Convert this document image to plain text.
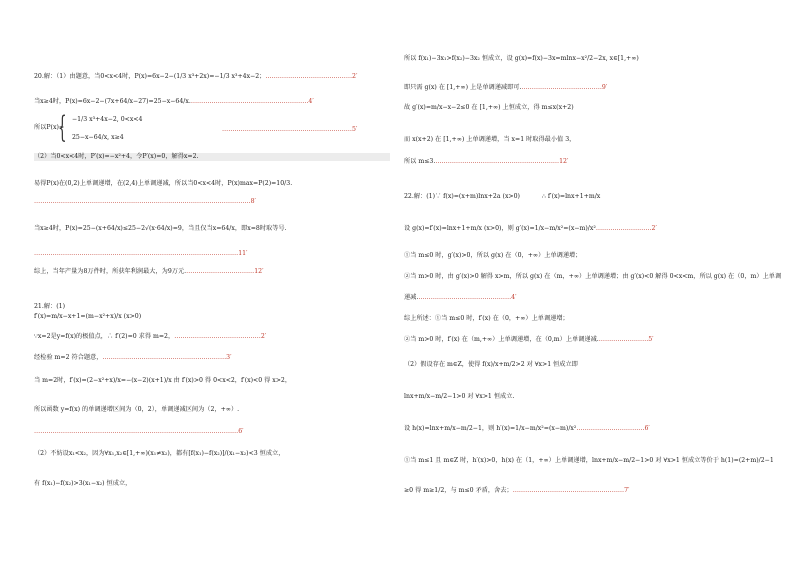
20.解：（1）由题意，当0<x<4时，P(x)=6x−2−(1/3 x³+2x)=−1/3 x³+4x−2；……………………………………2′
当x≥4时，P(x)=6x−2−(7x+64/x−27)=25−x−64/x.…………………………………………………4′
所以P(x)=
{ −1/3 x³+4x−2, 0<x<4
25−x−64/x, x≥4
………………………………………………………5′
（2）当0<x<4时，P′(x)=−x²+4，令P′(x)=0，解得x=2.
易得P(x)在(0,2)上单调递增，在(2,4)上单调递减，所以当0<x<4时，P(x)max=P(2)=10/3.
……………………………………………………………………………………………8′
当x≥4时，P(x)=25−(x+64/x)≤25−2√(x·64/x)=9，当且仅当x=64/x，即x=8时取等号.
………………………………………………………………………………………11′
综上，当年产量为8万件时，所获年利润最大，为9万元.……………………………12′
21.解：(1)
f′(x)=m/x−x+1=(m−x²+x)/x (x>0)
∵x=2是y=f(x)的极值点，∴ f′(2)=0 求得 m=2，……………………………………2′
经检验 m=2 符合题意，……………………………………………………3′
当 m=2时，f′(x)=(2−x²+x)/x=−(x−2)(x+1)/x 由 f′(x)>0 得 0<x<2，f′(x)<0 得 x>2，
所以函数 y=f(x) 的单调递增区间为（0，2），单调递减区间为（2，+∞）.
………………………………………………………………………………………6′
（2）不妨设x₁<x₂，因为∀x₁,x₂∈[1,+∞)(x₁≠x₂)，都有[f(x₁)−f(x₂)]/(x₁−x₂)<3 恒成立，
有 f(x₁)−f(x₂)>3(x₁−x₂) 恒成立，
所以 f(x₁)−3x₁>f(x₂)−3x₂ 恒成立，设 g(x)=f(x)−3x=mlnx−x²/2−2x, x∈[1,+∞)
即只需 g(x) 在 [1,+∞) 上是单调递减即可.…………………………………9′
故 g′(x)=m/x−x−2≤0 在 [1,+∞) 上恒成立，得 m≤x(x+2)
而 x(x+2) 在 [1,+∞) 上单调递增，当 x=1 时取得最小值 3，
所以 m≤3.……………………………………………………12′
22.解：(1)∵ f(x)=(x+m)lnx+2a (x>0)	∴ f′(x)=lnx+1+m/x
设 g(x)=f′(x)=lnx+1+m/x (x>0)，则 g′(x)=1/x−m/x²=(x−m)/x²………………………2′
①当 m≤0 时，g′(x)>0，所以 g(x) 在（0，+∞）上单调递增；
②当 m>0 时，由 g′(x)>0 解得 x>m，所以 g(x) 在（m，+∞）上单调递增；由 g′(x)<0 解得 0<x<m，所以 g(x) 在（0，m）上单调
递减.………………………………………4′
综上所述：①当 m≤0 时，f′(x) 在（0，+∞）上单调递增；
②当 m>0 时，f′(x) 在（m,+∞）上单调递增，在（0,m）上单调递减.……………………5′
（2）假设存在 m∈Z，使得 f(x)/x+m/2>2 对 ∀x>1 恒成立即
lnx+m/x−m/2−1>0 对 ∀x>1 恒成立.
设 h(x)=lnx+m/x−m/2−1，则 h′(x)=1/x−m/x²=(x−m)/x²……………………………6′
①当 m≤1 且 m∈Z 时，h′(x)>0，h(x) 在（1，+∞）上单调递增，lnx+m/x−m/2−1>0 对 ∀x>1 恒成立等价于 h(1)=(2+m)/2−1
≥0 得 m≥1/2，与 m≤0 矛盾，舍去；………………………………………………7′
